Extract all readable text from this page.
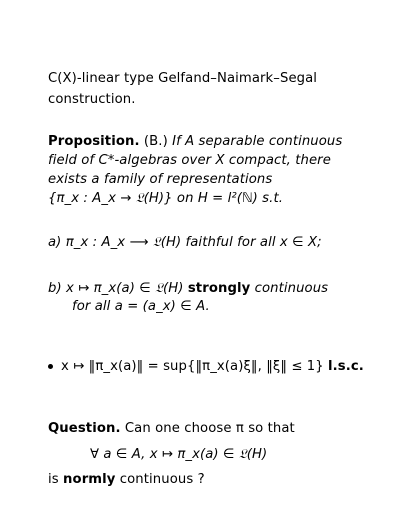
C(X)-linear type Gelfand–Naimark–Segal
construction.
Proposition. (B.) If A separable continuous
field of C*-algebras over X compact, there
exists a family of representations
{π_x : A_x → 𝔏(H)} on H = l²(ℕ) s.t.
a) π_x : A_x ⟶ 𝔏(H) faithful for all x ∈ X;
b) x ↦ π_x(a) ∈ 𝔏(H) strongly continuous
for all a = (a_x) ∈ A.
x ↦ ‖π_x(a)‖ = sup{‖π_x(a)ξ‖, ‖ξ‖ ≤ 1} l.s.c.
Question. Can one choose π so that
∀ a ∈ A, x ↦ π_x(a) ∈ 𝔏(H)
is normly continuous ?
